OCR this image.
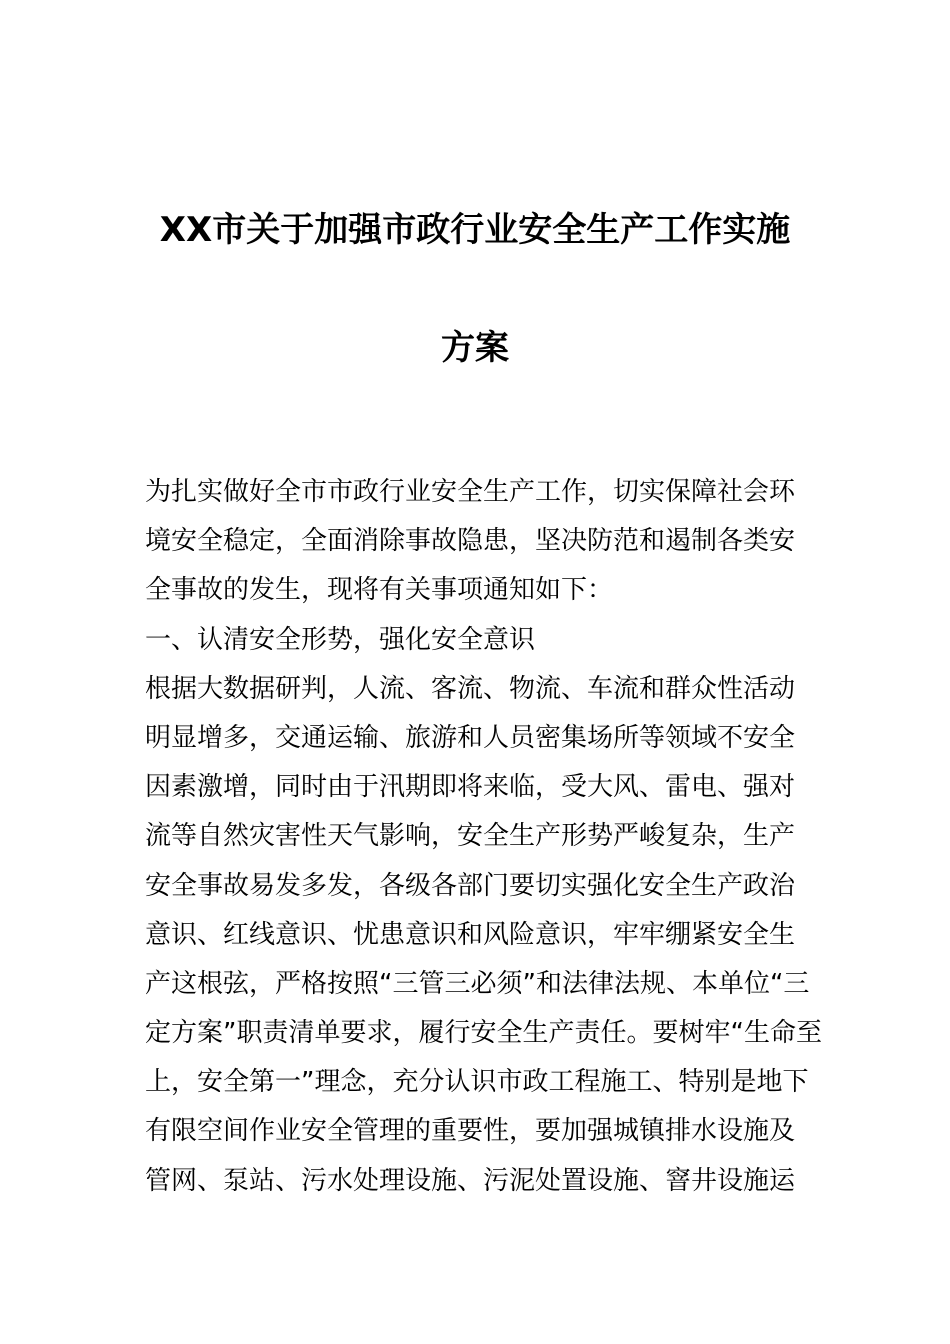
XX市关于加强市政行业安全生产工作实施
方案
为扎实做好全市市政行业安全生产工作，切实保障社会环
境安全稳定，全面消除事故隐患，坚决防范和遏制各类安
全事故的发生，现将有关事项通知如下：
一、认清安全形势，强化安全意识
根据大数据研判，人流、客流、物流、车流和群众性活动
明显增多，交通运输、旅游和人员密集场所等领域不安全
因素激增，同时由于汛期即将来临，受大风、雷电、强对
流等自然灾害性天气影响，安全生产形势严峻复杂，生产
安全事故易发多发，各级各部门要切实强化安全生产政治
意识、红线意识、忧患意识和风险意识，牢牢绷紧安全生
产这根弦，严格按照“三管三必须”和法律法规、本单位“三
定方案”职责清单要求，履行安全生产责任。要树牢“生命至
上，安全第一”理念，充分认识市政工程施工、特别是地下
有限空间作业安全管理的重要性，要加强城镇排水设施及
管网、泵站、污水处理设施、污泥处置设施、窨井设施运
